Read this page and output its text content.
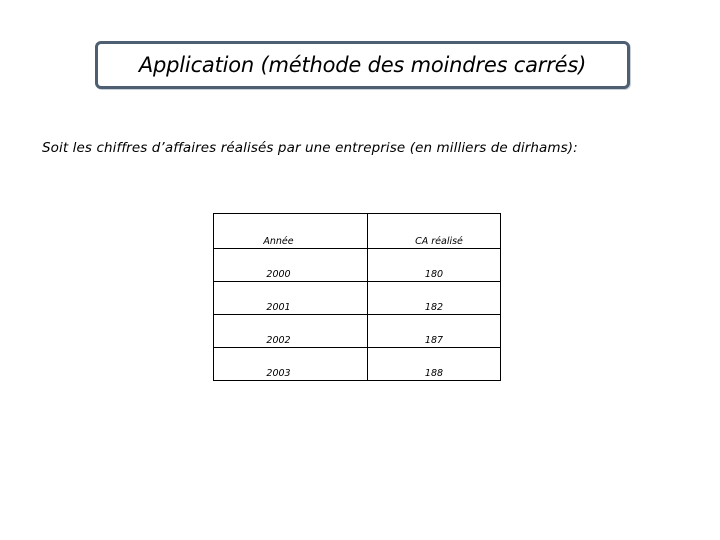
Application (méthode des moindres carrés)
Soit les chiffres d’affaires réalisés par une entreprise (en milliers de dirhams):
Année	CA réalisé
2000	180
2001	182
2002	187
2003	188
